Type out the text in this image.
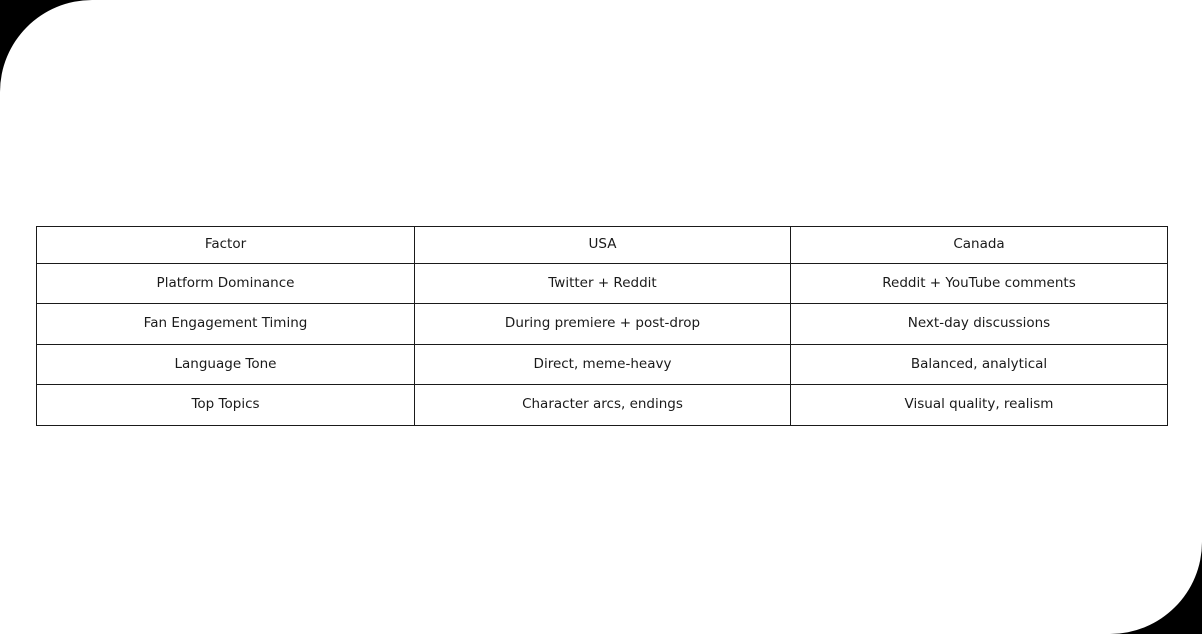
Factor	USA	Canada
Platform Dominance	Twitter + Reddit	Reddit + YouTube comments
Fan Engagement Timing	During premiere + post-drop	Next-day discussions
Language Tone	Direct, meme-heavy	Balanced, analytical
Top Topics	Character arcs, endings	Visual quality, realism
